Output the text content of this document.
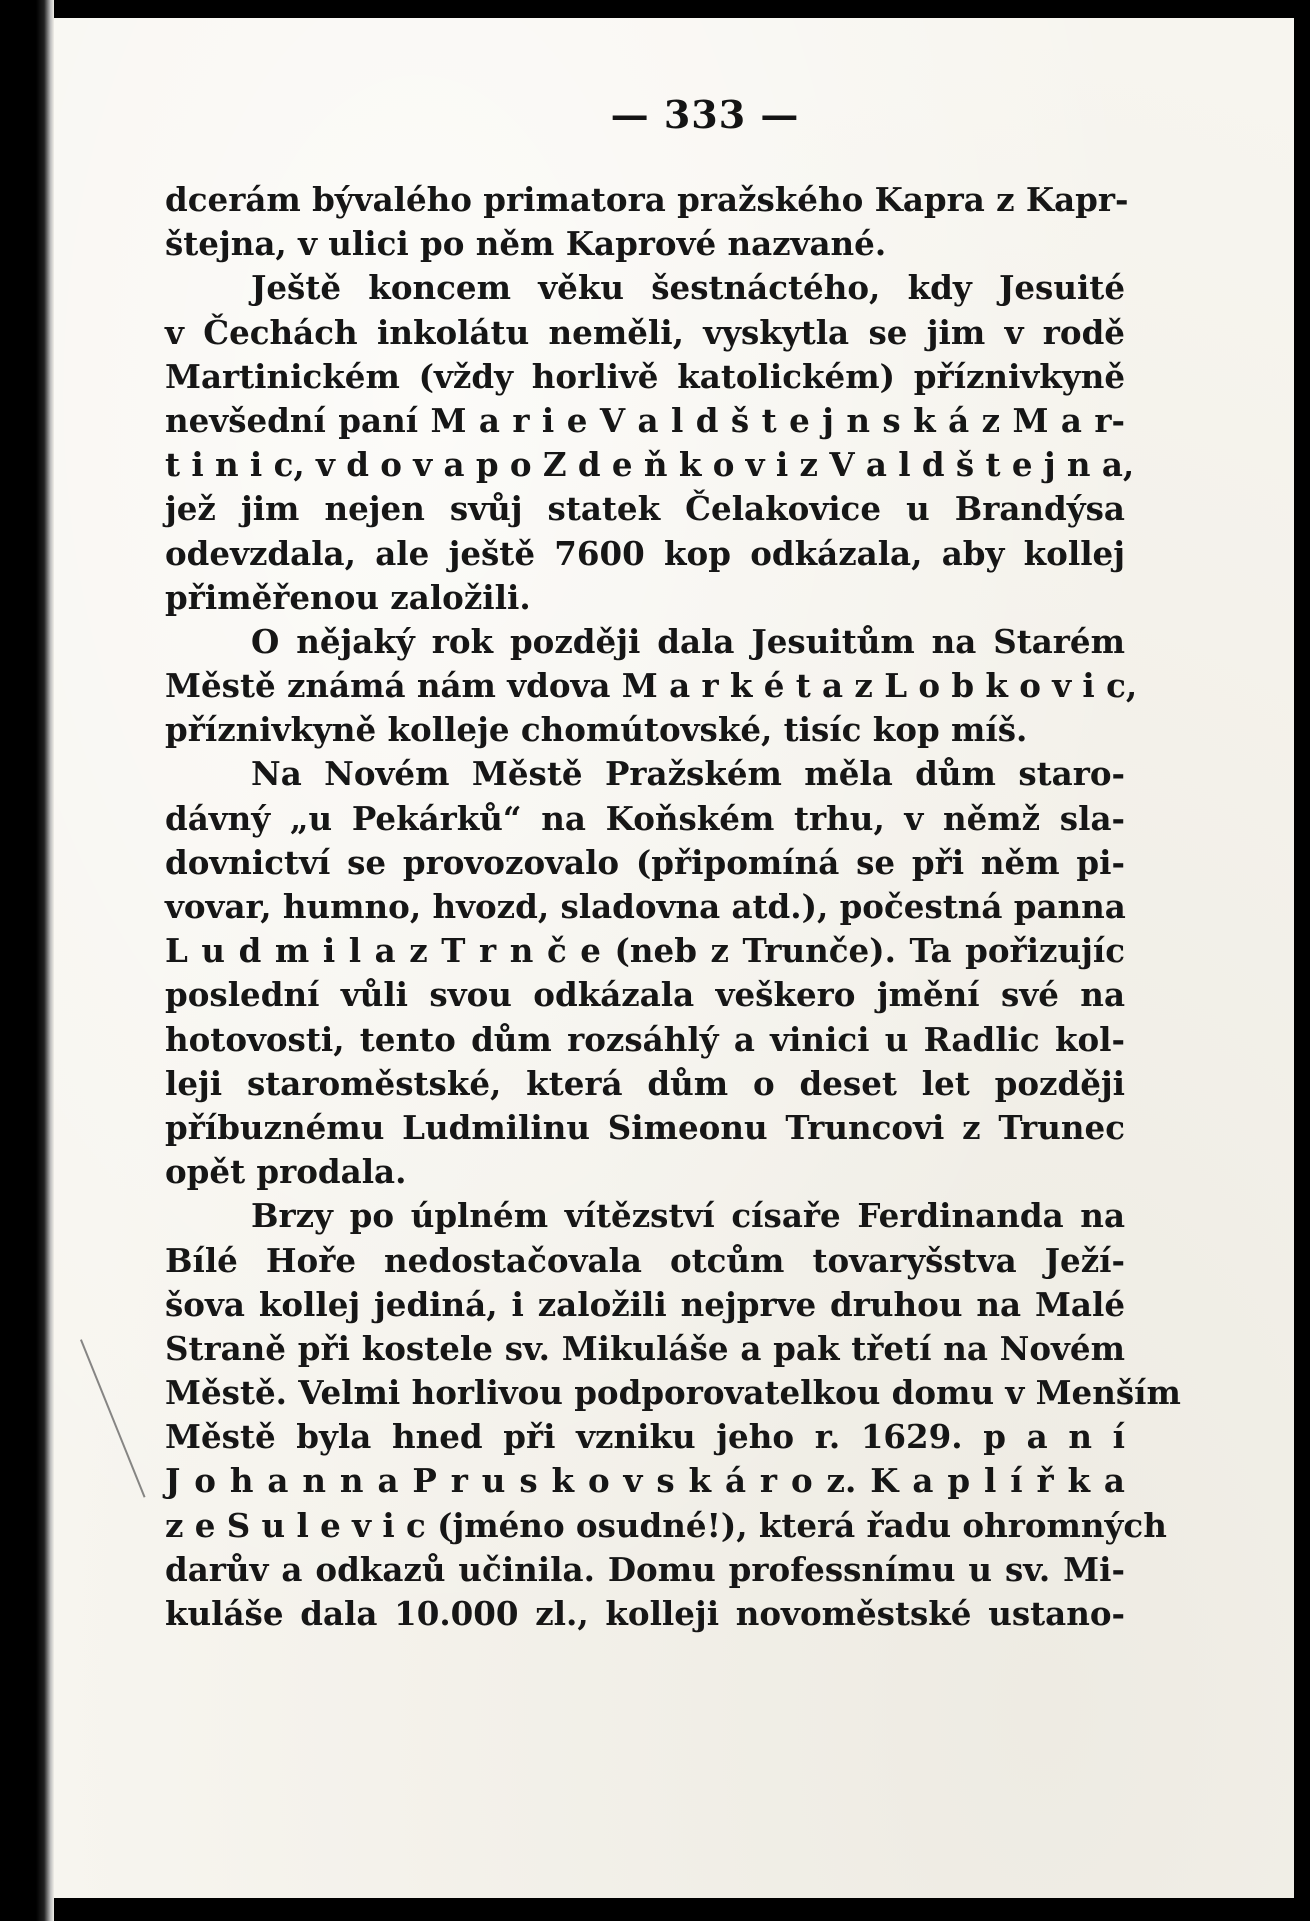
— 333 —
dcerám bývalého primatora pražského Kapra z Kapr-
štejna, v ulici po něm Kaprové nazvané.
Ještě koncem věku šestnáctého, kdy Jesuité
v Čechách inkolátu neměli, vyskytla se jim v rodě
Martinickém (vždy horlivě katolickém) příznivkyně
nevšední paní M a r i e V a l d š t e j n s k á z M a r-
t i n i c, v d o v a p o Z d e ň k o v i z V a l d š t e j n a,
jež jim nejen svůj statek Čelakovice u Brandýsa
odevzdala, ale ještě 7600 kop odkázala, aby kollej
přiměřenou založili.
O nějaký rok později dala Jesuitům na Starém
Městě známá nám vdova M a r k é t a z L o b k o v i c,
příznivkyně kolleje chomútovské, tisíc kop míš.
Na Novém Městě Pražském měla dům staro-
dávný „u Pekárků“ na Koňském trhu, v němž sla-
dovnictví se provozovalo (připomíná se při něm pi-
vovar, humno, hvozd, sladovna atd.), počestná panna
L u d m i l a z T r n č e (neb z Trunče). Ta pořizujíc
poslední vůli svou odkázala veškero jmění své na
hotovosti, tento dům rozsáhlý a vinici u Radlic kol-
leji staroměstské, která dům o deset let později
příbuznému Ludmilinu Simeonu Truncovi z Trunec
opět prodala.
Brzy po úplném vítězství císaře Ferdinanda na
Bílé Hoře nedostačovala otcům tovaryšstva Ježí-
šova kollej jediná, i založili nejprve druhou na Malé
Straně při kostele sv. Mikuláše a pak třetí na Novém
Městě. Velmi horlivou podporovatelkou domu v Menším
Městě byla hned při vzniku jeho r. 1629. p a n í
J o h a n n a P r u s k o v s k á r o z. K a p l í ř k a
z e S u l e v i c (jméno osudné!), která řadu ohromných
darův a odkazů učinila. Domu professnímu u sv. Mi-
kuláše dala 10.000 zl., kolleji novoměstské ustano-
